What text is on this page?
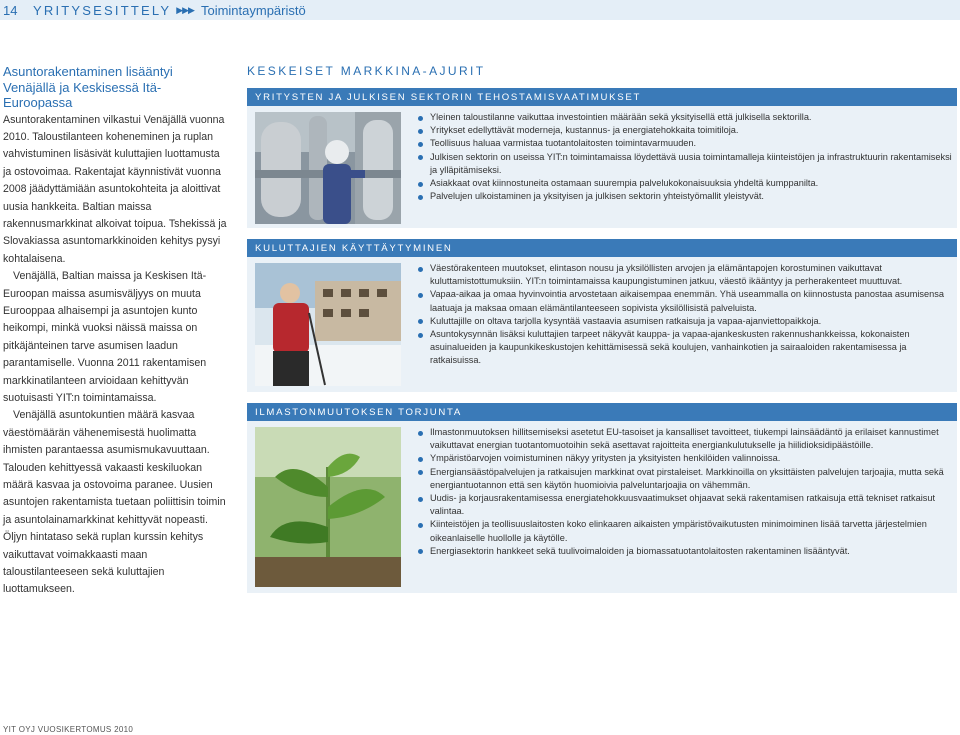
14	YRITYSESITTELY ▶▶▶ Toimintaympäristö
Asuntorakentaminen lisääntyi Venäjällä ja Keskisessä Itä-Euroopassa

Asuntorakentaminen vilkastui Venäjällä vuonna 2010. Taloustilanteen koheneminen ja ruplan vahvistuminen lisäsivät kuluttajien luottamusta ja ostovoimaa. Rakentajat käynnistivät vuonna 2008 jäädyttämiään asuntokohteita ja aloittivat uusia hankkeita. Baltian maissa rakennusmarkkinat alkoivat toipua. Tshekissä ja Slovakiassa asuntomarkkinoiden kehitys pysyi kohtalaisena.

Venäjällä, Baltian maissa ja Keskisen Itä-Euroopan maissa asumisväljyys on muuta Eurooppaa alhaisempi ja asuntojen kunto heikompi, minkä vuoksi näissä maissa on pitkäjänteinen tarve asumisen laadun parantamiselle. Vuonna 2011 rakentamisen markkinatilanteen arvioidaan kehittyvän suotuisasti YIT:n toimintamaissa.

Venäjällä asuntokuntien määrä kasvaa väestömäärän vähenemisestä huolimatta ihmisten parantaessa asumismukavuuttaan. Talouden kehittyessä vakaasti keskiluokan määrä kasvaa ja ostovoima paranee. Uusien asuntojen rakentamista tuetaan poliittisin toimin ja asuntolainamarkkinat kehittyvät nopeasti. Öljyn hintataso sekä ruplan kurssin kehitys vaikuttavat voimakkaasti maan taloustilanteeseen sekä kuluttajien luottamukseen.

KESKEISET MARKKINA-AJURIT
YRITYSTEN JA JULKISEN SEKTORIN TEHOSTAMISVAATIMUKSET
Yleinen taloustilanne vaikuttaa investointien määrään sekä yksityisellä että julkisella sektorilla.
Yritykset edellyttävät moderneja, kustannus- ja energiatehokkaita toimitiloja.
Teollisuus haluaa varmistaa tuotantolaitosten toimintavarmuuden.
Julkisen sektorin on useissa YIT:n toimintamaissa löydettävä uusia toimintamalleja kiinteistöjen ja infrastruktuurin rakentamiseksi ja ylläpitämiseksi.
Asiakkaat ovat kiinnostuneita ostamaan suurempia palvelukokonaisuuksia yhdeltä kumppanilta.
Palvelujen ulkoistaminen ja yksityisen ja julkisen sektorin yhteistyömallit yleistyvät.
KULUTTAJIEN KÄYTTÄYTYMINEN
Väestörakenteen muutokset, elintason nousu ja yksilöllisten arvojen ja elämäntapojen korostuminen vaikuttavat kuluttamistottumuksiin. YIT:n toimintamaissa kaupungistuminen jatkuu, väestö ikääntyy ja perherakenteet muuttuvat.
Vapaa-aikaa ja omaa hyvinvointia arvostetaan aikaisempaa enemmän. Yhä useammalla on kiinnostusta panostaa asumisensa laatuaja ja maksaa omaan elämäntilanteeseen sopivista yksilöllisistä palveluista.
Kuluttajille on oltava tarjolla kysyntää vastaavia asumisen ratkaisuja ja vapaa-ajanviettopaikkoja.
Asuntokysynnän lisäksi kuluttajien tarpeet näkyvät kauppa- ja vapaa-ajankeskusten rakennushankkeissa, kokonaisten asuinalueiden ja kaupunkikeskustojen kehittämisessä sekä koulujen, vanhainkotien ja sairaaloiden rakentamisessa ja ratkaisuissa.
ILMASTONMUUTOKSEN TORJUNTA
Ilmastonmuutoksen hillitsemiseksi asetetut EU-tasoiset ja kansalliset tavoitteet, tiukempi lainsäädäntö ja erilaiset kannustimet vaikuttavat energian tuotantomuotoihin sekä asettavat rajoitteita energiankulutukselle ja hiilidioksidipäästöille.
Ympäristöarvojen voimistuminen näkyy yritysten ja yksityisten henkilöiden valinnoissa.
Energiansäästöpalvelujen ja ratkaisujen markkinat ovat pirstaleiset. Markkinoilla on yksittäisten palvelujen tarjoajia, mutta sekä energiantuotannon että sen käytön huomioivia palveluntarjoajia on vähemmän.
Uudis- ja korjausrakentamisessa energiatehokkuusvaatimukset ohjaavat sekä rakentamisen ratkaisuja että tekniset ratkaisut valintaa.
Kiinteistöjen ja teollisuuslaitosten koko elinkaaren aikaisten ympäristövaikutusten minimoiminen lisää tarvetta järjestelmien oikeanlaiselle huollolle ja käytölle.
Energiasektorin hankkeet sekä tuulivoimaloiden ja biomassatuotantolaitosten rakentaminen lisääntyvät.
YIT OYJ VUOSIKERTOMUS 2010
